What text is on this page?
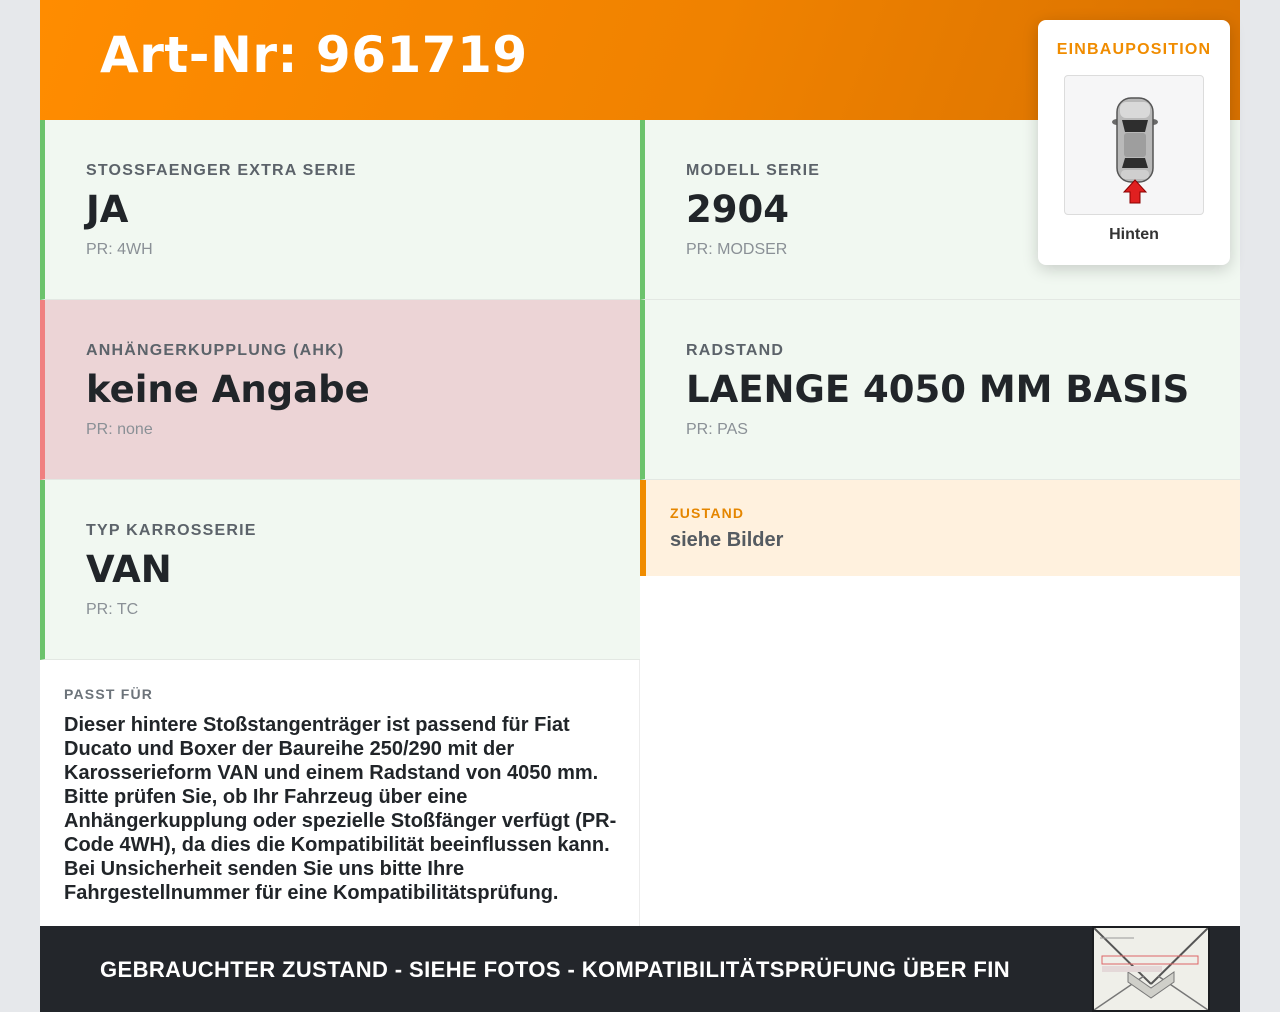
Art-Nr: 961719
STOSSFAENGER EXTRA SERIE
JA
PR: 4WH
MODELL SERIE
2904
PR: MODSER
ANHÄNGERKUPPLUNG (AHK)
keine Angabe
PR: none
RADSTAND
LAENGE 4050 MM BASIS
PR: PAS
TYP KARROSSERIE
VAN
PR: TC
ZUSTAND
siehe Bilder
PASST FÜR
Dieser hintere Stoßstangenträger ist passend für Fiat Ducato und Boxer der Baureihe 250/290 mit der Karosserieform VAN und einem Radstand von 4050 mm. Bitte prüfen Sie, ob Ihr Fahrzeug über eine Anhängerkupplung oder spezielle Stoßfänger verfügt (PR-Code 4WH), da dies die Kompatibilität beeinflussen kann. Bei Unsicherheit senden Sie uns bitte Ihre Fahrgestellnummer für eine Kompatibilitätsprüfung.
GEBRAUCHTER ZUSTAND - SIEHE FOTOS - KOMPATIBILITÄTSPRÜFUNG ÜBER FIN
EINBAUPOSITION
Hinten
